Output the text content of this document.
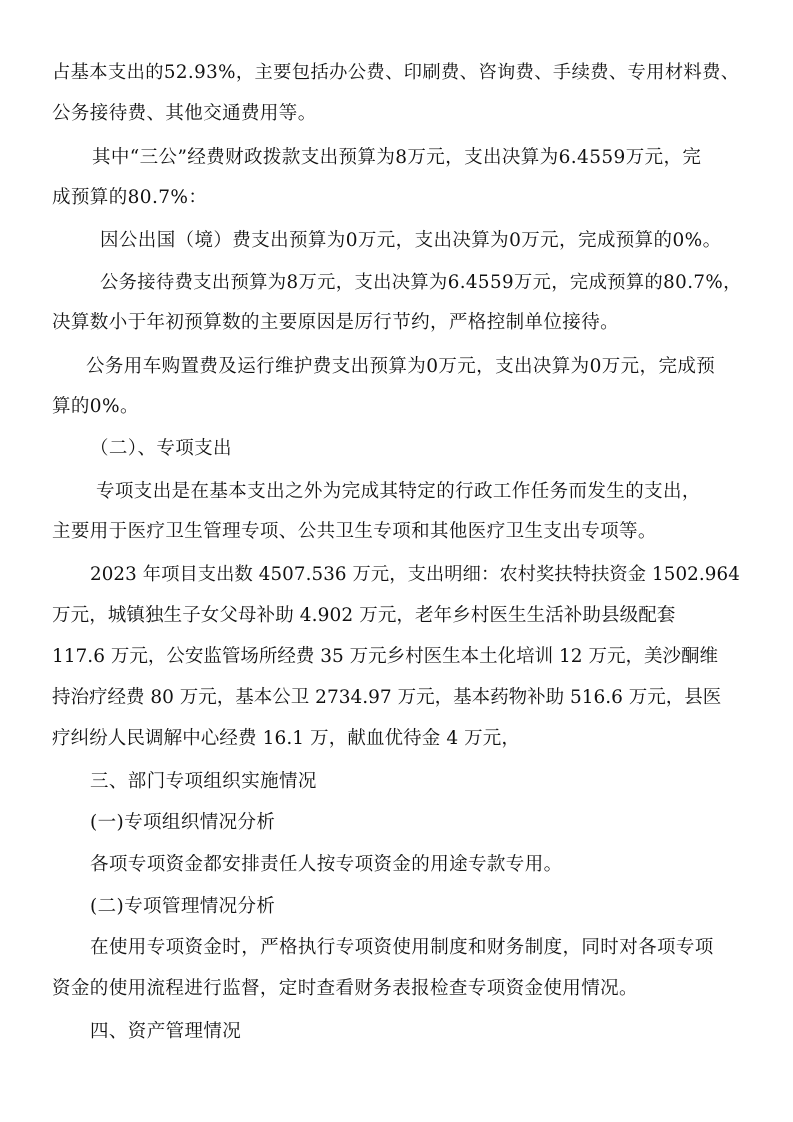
占基本支出的52.93%，主要包括办公费、印刷费、咨询费、手续费、专用材料费、

公务接待费、其他交通费用等。

其中“三公”经费财政拨款支出预算为8万元，支出决算为6.4559万元，完

成预算的80.7%：

因公出国（境）费支出预算为0万元，支出决算为0万元，完成预算的0%。

公务接待费支出预算为8万元，支出决算为6.4559万元，完成预算的80.7%，

决算数小于年初预算数的主要原因是厉行节约，严格控制单位接待。

公务用车购置费及运行维护费支出预算为0万元，支出决算为0万元，完成预

算的0%。

（二）、专项支出

专项支出是在基本支出之外为完成其特定的行政工作任务而发生的支出，

主要用于医疗卫生管理专项、公共卫生专项和其他医疗卫生支出专项等。

2023 年项目支出数 4507.536 万元，支出明细：农村奖扶特扶资金 1502.964

万元，城镇独生子女父母补助 4.902 万元，老年乡村医生生活补助县级配套

117.6 万元，公安监管场所经费 35 万元乡村医生本土化培训 12 万元，美沙酮维

持治疗经费 80 万元，基本公卫 2734.97 万元，基本药物补助 516.6 万元，县医

疗纠纷人民调解中心经费 16.1 万，献血优待金 4 万元，

三、部门专项组织实施情况

(一)专项组织情况分析

各项专项资金都安排责任人按专项资金的用途专款专用。

(二)专项管理情况分析

在使用专项资金时，严格执行专项资使用制度和财务制度，同时对各项专项

资金的使用流程进行监督，定时查看财务表报检查专项资金使用情况。

四、资产管理情况
